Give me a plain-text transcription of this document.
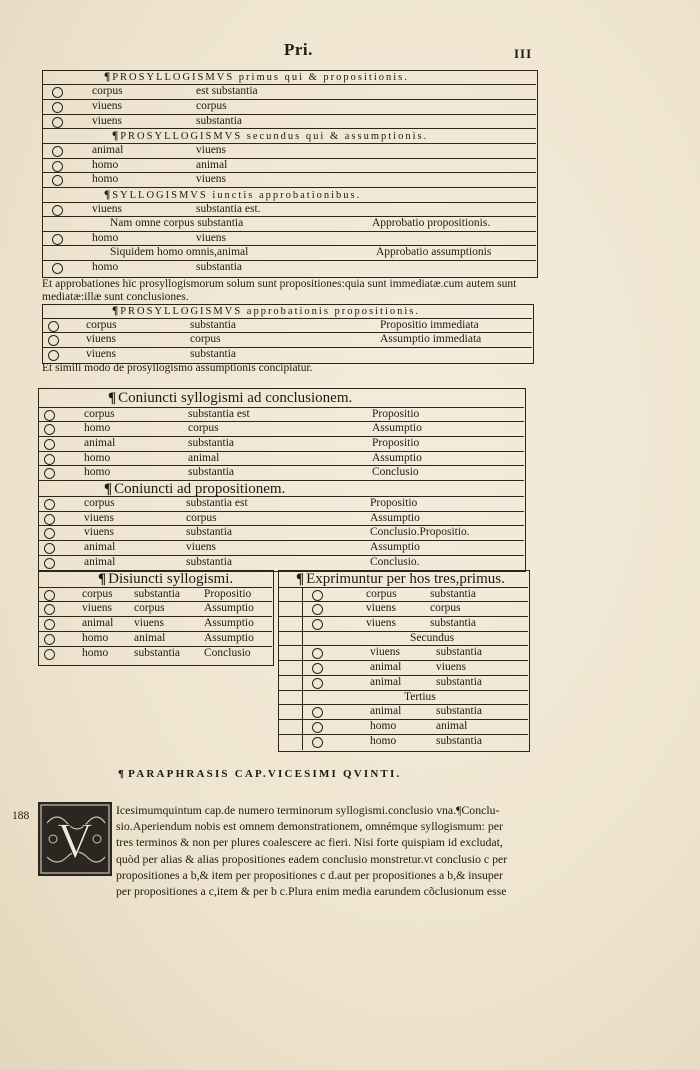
Pri.	III
¶ PROSYLLOGISMVS primus qui & propositionis.
corpus	est substantia
viuens	corpus
viuens	substantia
¶ PROSYLLOGISMVS secundus qui & assumptionis.
animal	viuens
homo	animal
homo	viuens
¶ SYLLOGISMVS iunctis approbationibus.
viuens	substantia est.
Nam omne corpus substantia	Approbatio propositionis.
homo	viuens
Siquidem homo omnis,animal	Approbatio assumptionis
homo	substantia
Et approbationes hic prosyllogismorum solum sunt propositiones:quia sunt immediatæ.cum autem sunt mediatæ:illæ sunt conclusiones.
¶ PROSYLLOGISMVS approbationis propositionis.
corpus	substantia	Propositio immediata
viuens	corpus	Assumptio immediata
viuens	substantia
Et simili modo de prosyllogismo assumptionis concipiatur.
¶ Coniuncti syllogismi ad conclusionem.
corpus	substantia est	Propositio
homo	corpus	Assumptio
animal	substantia	Propositio
homo	animal	Assumptio
homo	substantia	Conclusio
¶ Coniuncti ad propositionem.
corpus	substantia est	Propositio
viuens	corpus	Assumptio
viuens	substantia	Conclusio.Propositio.
animal	viuens	Assumptio
animal	substantia	Conclusio.
¶ Disiuncti syllogismi.
corpus substantia Propositio
viuens corpus	Assumptio
animal viuens	Assumptio
homo animal	Assumptio
homo substantia Conclusio
¶ Exprimuntur per hos tres,primus.
corpus	substantia
viuens	corpus
viuens	substantia
Secundus
viuens	substantia
animal	viuens
animal	substantia
Tertius
animal	substantia
homo	animal
homo	substantia
¶ PARAPHRASIS CAP.VICESIMI QVINTI.
188 V
Icesimumquintum cap.de numero terminorum syllogismi.conclusio vna.¶Conclu-
sio.Aperiendum nobis est omnem demonstrationem, omnémque syllogismum: per
tres terminos & non per plures coalescere ac fieri. Nisi forte quispiam id excludat,
quòd per alias & alias propositiones eadem conclusio monstretur.vt conclusio c per
propositiones a b,& item per propositiones c d.aut per propositiones a b,& insuper
per propositiones a c,item & per b c.Plura enim media earundem cõclusionum esse
